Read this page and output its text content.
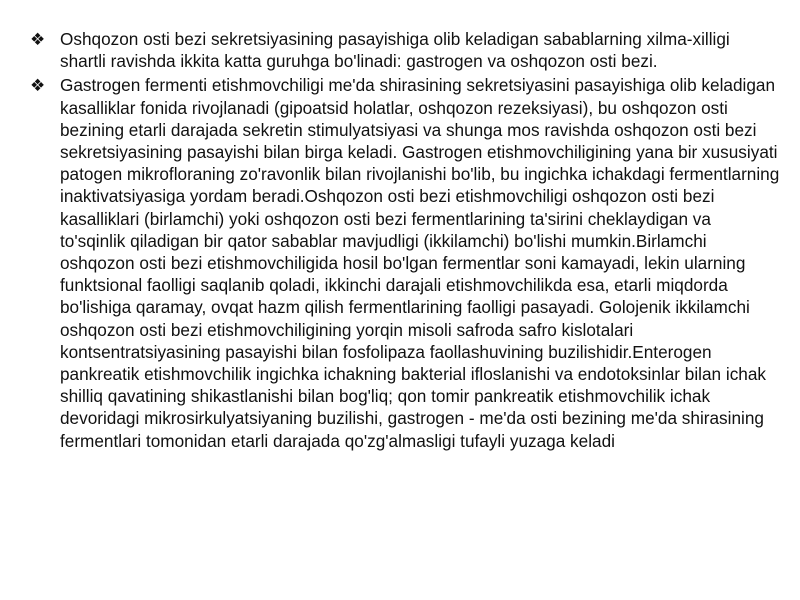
❖ Oshqozon osti bezi sekretsiyasining pasayishiga olib keladigan sabablarning xilma-xilligi shartli ravishda ikkita katta guruhga bo'linadi: gastrogen va oshqozon osti bezi.

❖ Gastrogen fermenti etishmovchiligi me'da shirasining sekretsiyasini pasayishiga olib keladigan kasalliklar fonida rivojlanadi (gipoatsid holatlar, oshqozon rezeksiyasi), bu oshqozon osti bezining etarli darajada sekretin stimulyatsiyasi va shunga mos ravishda oshqozon osti bezi sekretsiyasining pasayishi bilan birga keladi. Gastrogen etishmovchiligining yana bir xususiyati patogen mikrofloraning zo'ravonlik bilan rivojlanishi bo'lib, bu ingichka ichakdagi fermentlarning inaktivatsiyasiga yordam beradi.Oshqozon osti bezi etishmovchiligi oshqozon osti bezi kasalliklari (birlamchi) yoki oshqozon osti bezi fermentlarining ta'sirini cheklaydigan va to'sqinlik qiladigan bir qator sabablar mavjudligi (ikkilamchi) bo'lishi mumkin.Birlamchi oshqozon osti bezi etishmovchiligida hosil bo'lgan fermentlar soni kamayadi, lekin ularning funktsional faolligi saqlanib qoladi, ikkinchi darajali etishmovchilikda esa, etarli miqdorda bo'lishiga qaramay, ovqat hazm qilish fermentlarining faolligi pasayadi. Golojenik ikkilamchi oshqozon osti bezi etishmovchiligining yorqin misoli safroda safro kislotalari kontsentratsiyasining pasayishi bilan fosfolipaza faollashuvining buzilishidir.Enterogen pankreatik etishmovchilik ingichka ichakning bakterial ifloslanishi va endotoksinlar bilan ichak shilliq qavatining shikastlanishi bilan bog'liq; qon tomir pankreatik etishmovchilik ichak devoridagi mikrosirkulyatsiyaning buzilishi, gastrogen - me'da osti bezining me'da shirasining fermentlari tomonidan etarli darajada qo'zg'almasligi tufayli yuzaga keladi
